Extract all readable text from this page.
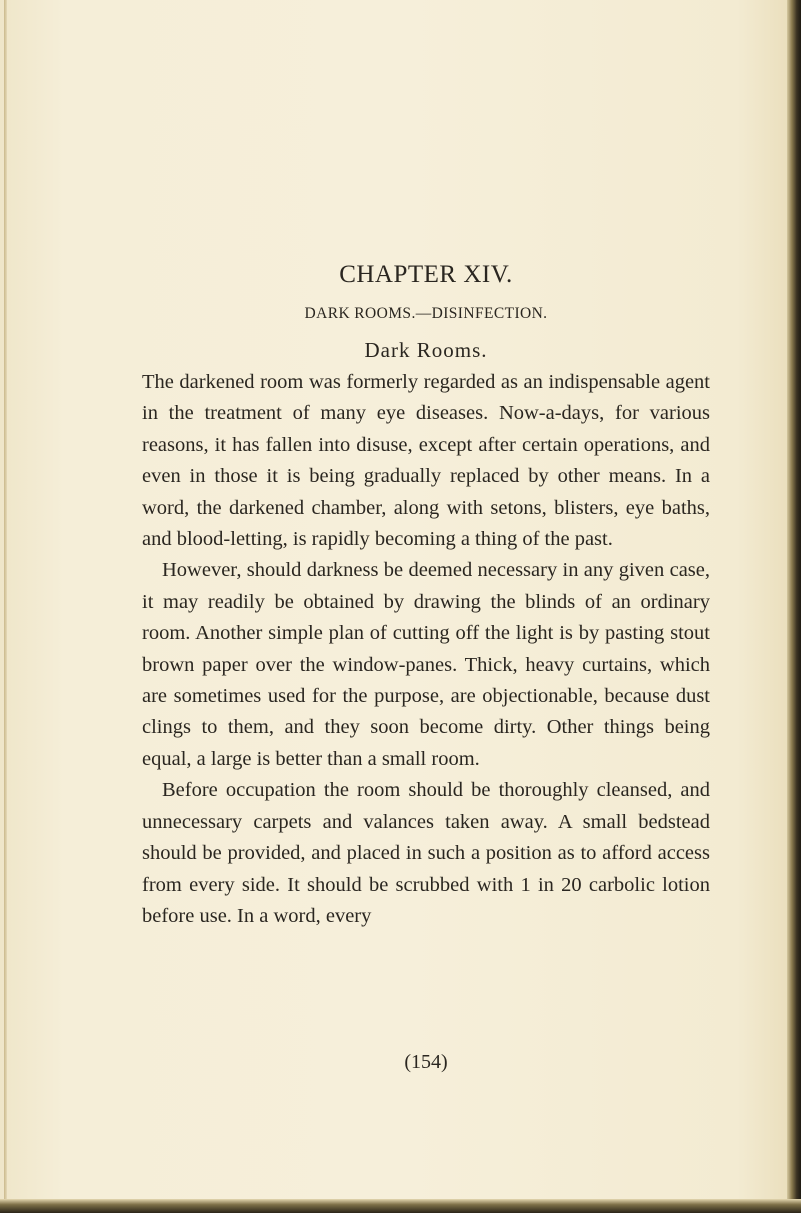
CHAPTER XIV.
DARK ROOMS.—DISINFECTION.
Dark Rooms.

The darkened room was formerly regarded as an indispensable agent in the treatment of many eye diseases. Now-a-days, for various reasons, it has fallen into disuse, except after certain operations, and even in those it is being gradually replaced by other means. In a word, the darkened chamber, along with setons, blisters, eye baths, and blood-letting, is rapidly becoming a thing of the past.

However, should darkness be deemed necessary in any given case, it may readily be obtained by drawing the blinds of an ordinary room. Another simple plan of cutting off the light is by pasting stout brown paper over the window-panes. Thick, heavy curtains, which are sometimes used for the purpose, are objectionable, because dust clings to them, and they soon become dirty. Other things being equal, a large is better than a small room.

Before occupation the room should be thoroughly cleansed, and unnecessary carpets and valances taken away. A small bedstead should be provided, and placed in such a position as to afford access from every side. It should be scrubbed with 1 in 20 carbolic lotion before use. In a word, every

(154)
